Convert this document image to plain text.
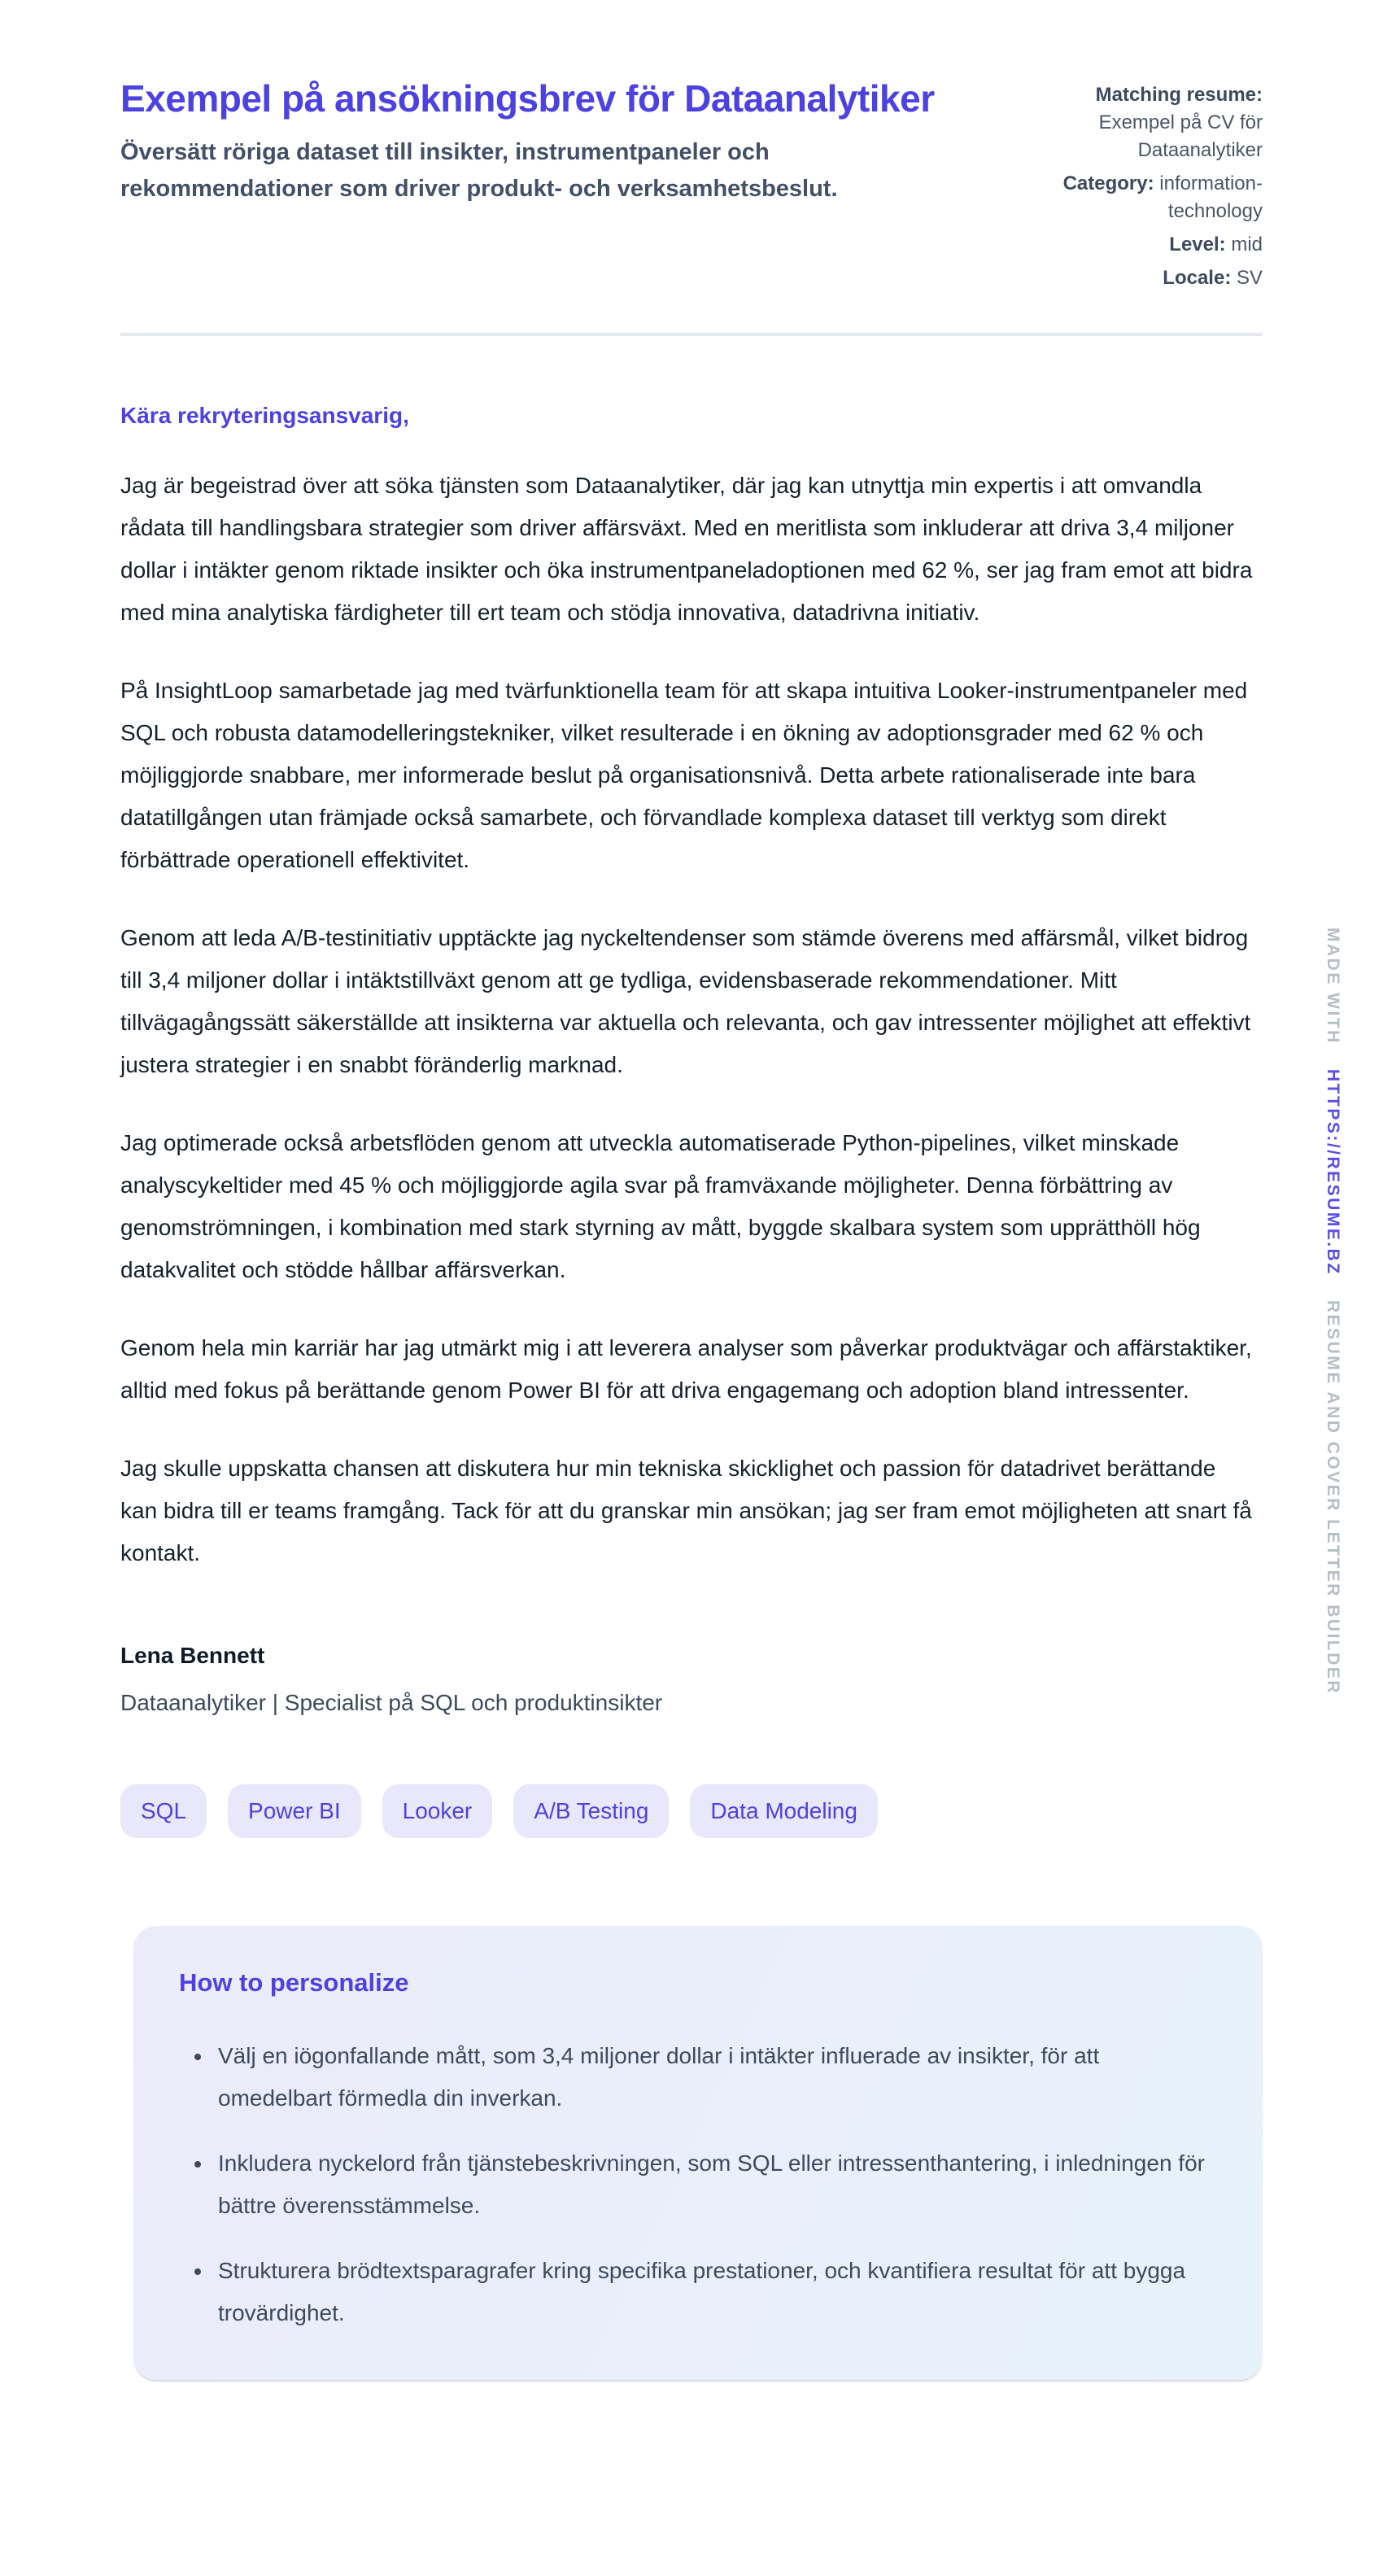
Exempel på ansökningsbrev för Dataanalytiker

Översätt röriga dataset till insikter, instrumentpaneler och rekommendationer som driver produkt- och verksamhetsbeslut.

Matching resume:
Exempel på CV för Dataanalytiker
Category: information-technology
Level: mid
Locale: SV

Kära rekryteringsansvarig,

Jag är begeistrad över att söka tjänsten som Dataanalytiker, där jag kan utnyttja min expertis i att omvandla rådata till handlingsbara strategier som driver affärsväxt. Med en meritlista som inkluderar att driva 3,4 miljoner dollar i intäkter genom riktade insikter och öka instrumentpaneladoptionen med 62 %, ser jag fram emot att bidra med mina analytiska färdigheter till ert team och stödja innovativa, datadrivna initiativ.

På InsightLoop samarbetade jag med tvärfunktionella team för att skapa intuitiva Looker-instrumentpaneler med SQL och robusta datamodelleringstekniker, vilket resulterade i en ökning av adoptionsgrader med 62 % och möjliggjorde snabbare, mer informerade beslut på organisationsnivå. Detta arbete rationaliserade inte bara datatillgången utan främjade också samarbete, och förvandlade komplexa dataset till verktyg som direkt förbättrade operationell effektivitet.

Genom att leda A/B-testinitiativ upptäckte jag nyckeltendenser som stämde överens med affärsmål, vilket bidrog till 3,4 miljoner dollar i intäktstillväxt genom att ge tydliga, evidensbaserade rekommendationer. Mitt tillvägagångssätt säkerställde att insikterna var aktuella och relevanta, och gav intressenter möjlighet att effektivt justera strategier i en snabbt föränderlig marknad.

Jag optimerade också arbetsflöden genom att utveckla automatiserade Python-pipelines, vilket minskade analyscykeltider med 45 % och möjliggjorde agila svar på framväxande möjligheter. Denna förbättring av genomströmningen, i kombination med stark styrning av mått, byggde skalbara system som upprätthöll hög datakvalitet och stödde hållbar affärsverkan.

Genom hela min karriär har jag utmärkt mig i att leverera analyser som påverkar produktvägar och affärstaktiker, alltid med fokus på berättande genom Power BI för att driva engagemang och adoption bland intressenter.

Jag skulle uppskatta chansen att diskutera hur min tekniska skicklighet och passion för datadrivet berättande kan bidra till er teams framgång. Tack för att du granskar min ansökan; jag ser fram emot möjligheten att snart få kontakt.

Lena Bennett

Dataanalytiker | Specialist på SQL och produktinsikter

SQL	Power BI	Looker	A/B Testing	Data Modeling
How to personalize
• Välj en iögonfallande mått, som 3,4 miljoner dollar i intäkter influerade av insikter, för att omedelbart förmedla din inverkan.
• Inkludera nyckelord från tjänstebeskrivningen, som SQL eller intressenthantering, i inledningen för bättre överensstämmelse.
• Strukturera brödtextsparagrafer kring specifika prestationer, och kvantifiera resultat för att bygga trovärdighet.
MADE WITH
HTTPS://RESUME.BZ
RESUME AND COVER LETTER BUILDER
